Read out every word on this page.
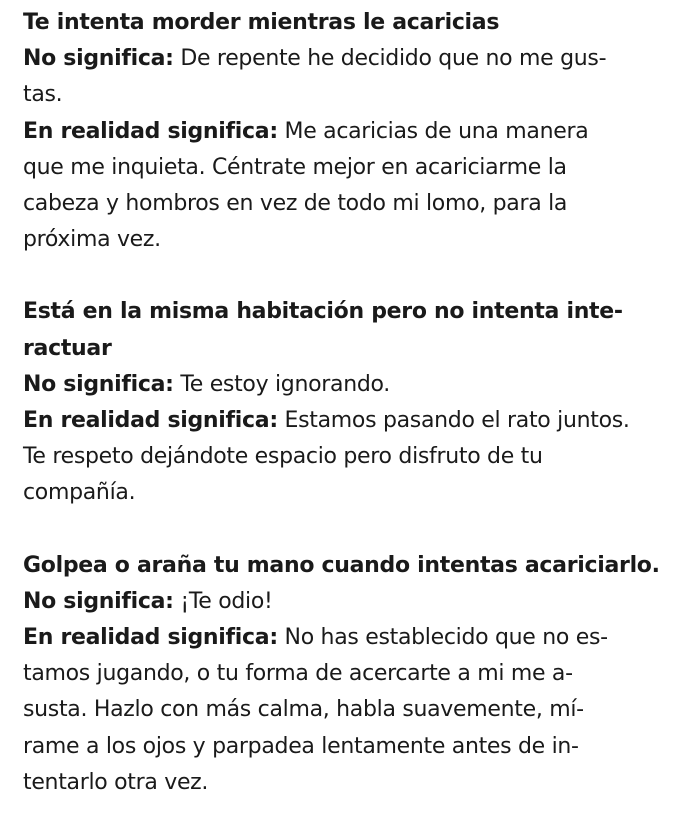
Te intenta morder mientras le acaricias

No significa: De repente he decidido que no me gus-

tas.

En realidad significa: Me acaricias de una manera

que me inquieta. Céntrate mejor en acariciarme la

cabeza y hombros en vez de todo mi lomo, para la

próxima vez.

Está en la misma habitación pero no intenta inte-

ractuar

No significa: Te estoy ignorando.

En realidad significa: Estamos pasando el rato juntos.

Te respeto dejándote espacio pero disfruto de tu

compañía.

Golpea o araña tu mano cuando intentas acariciarlo.

No significa: ¡Te odio!

En realidad significa: No has establecido que no es-

tamos jugando, o tu forma de acercarte a mi me a-

susta. Hazlo con más calma, habla suavemente, mí-

rame a los ojos y parpadea lentamente antes de in-

tentarlo otra vez.
